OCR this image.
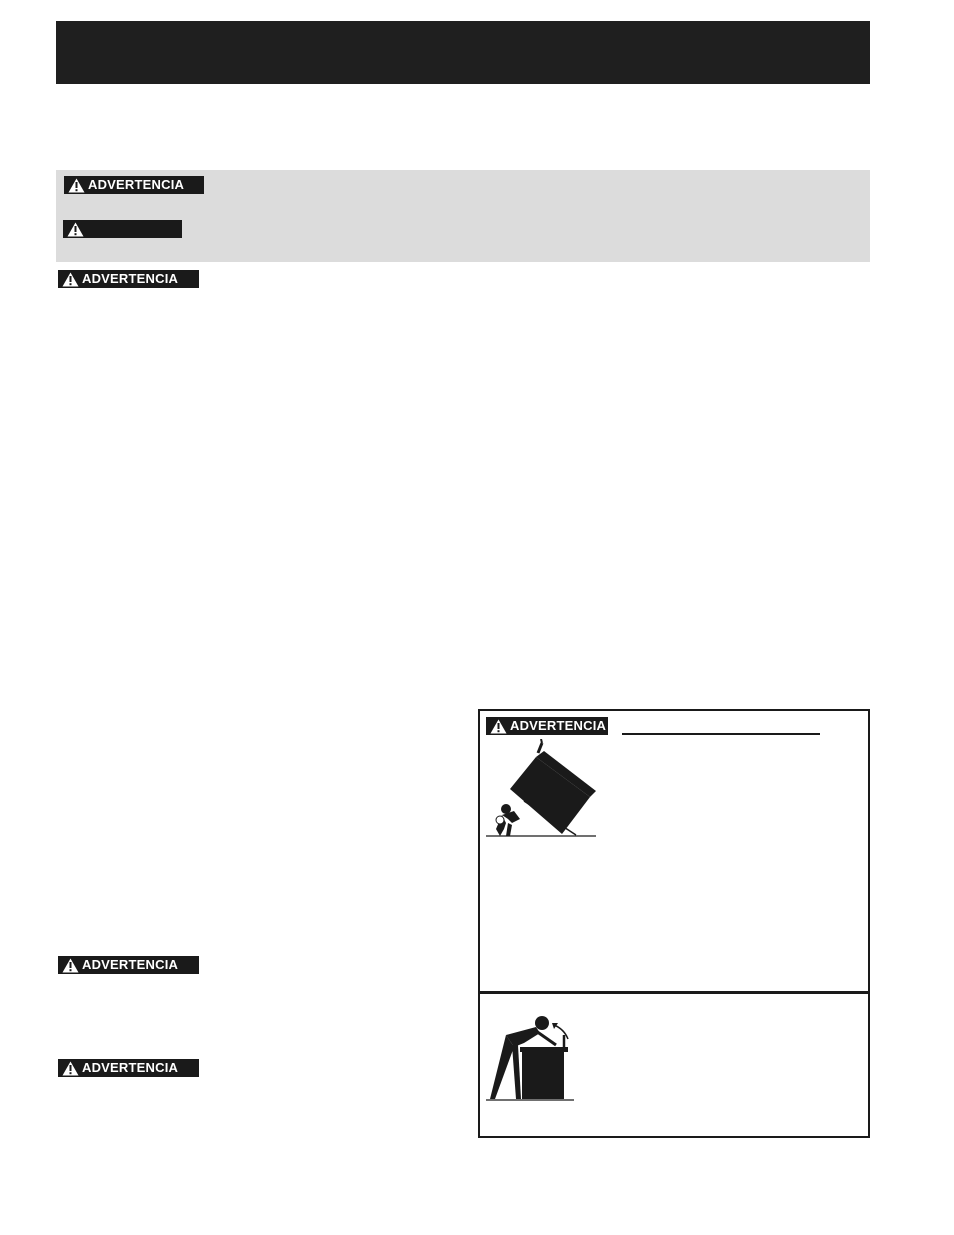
ADVERTENCIA
ADVERTENCIA
ADVERTENCIA
ADVERTENCIA
ADVERTENCIA
